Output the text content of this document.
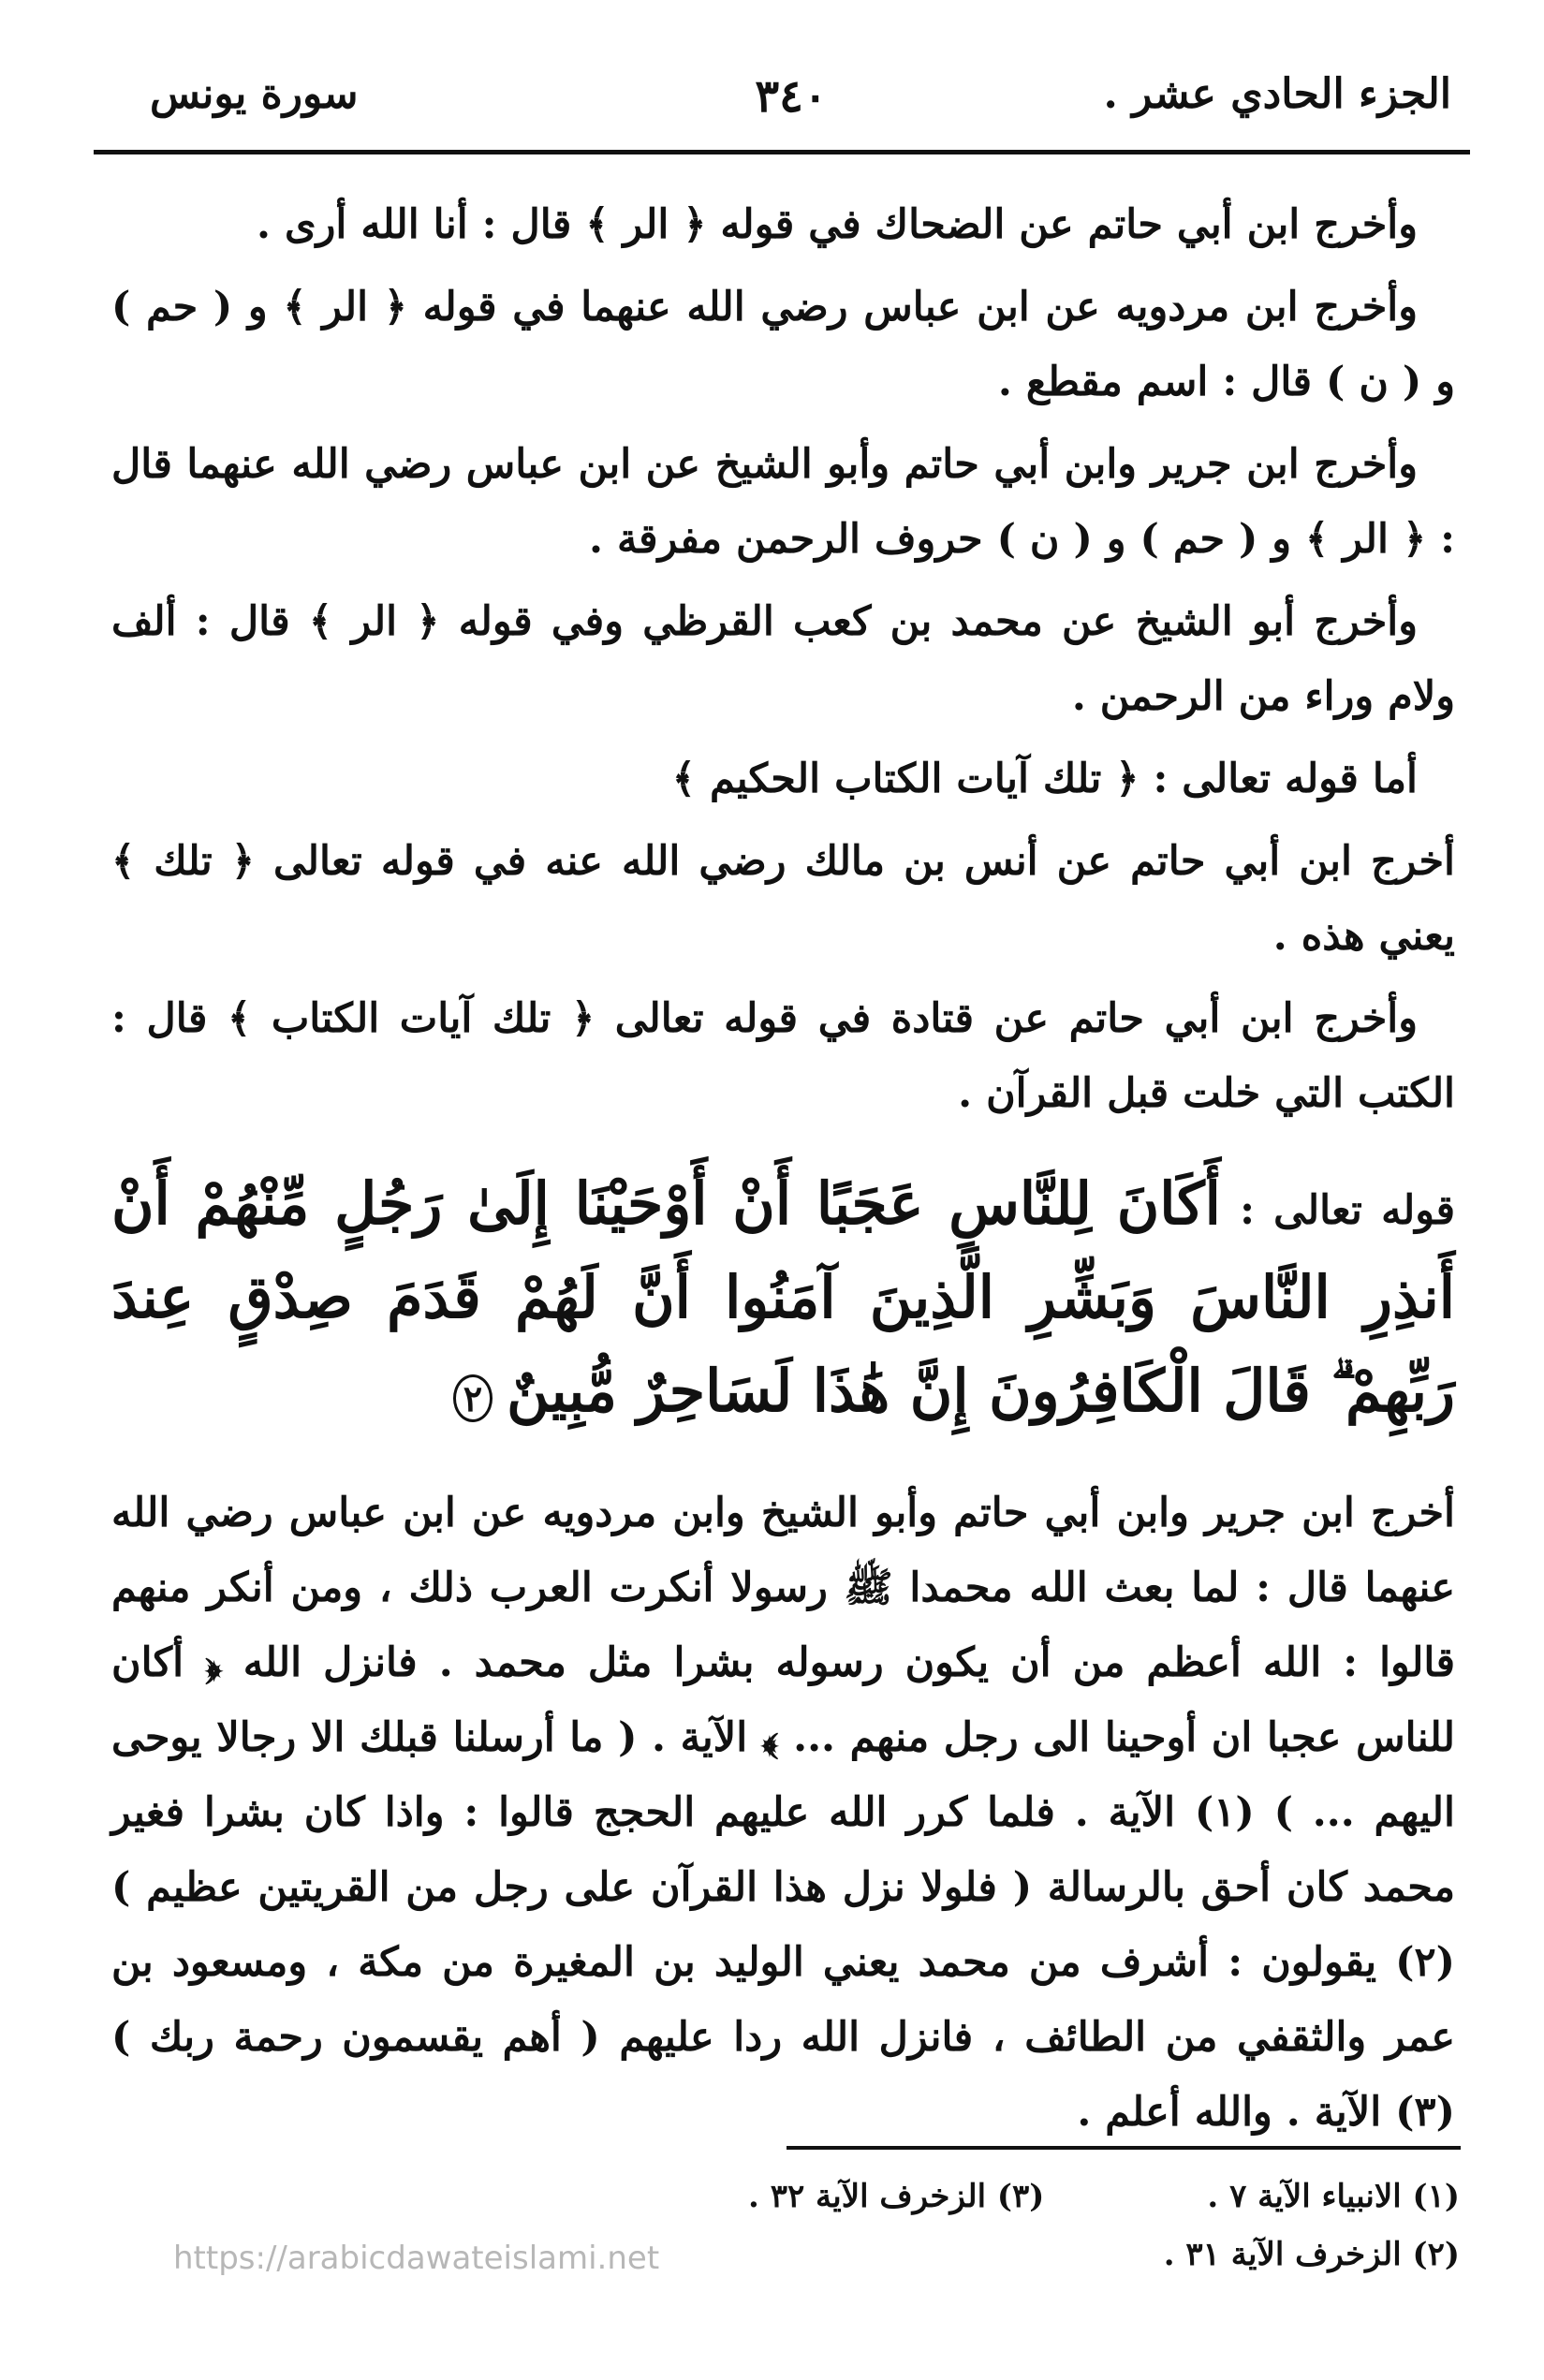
الجزء الحادي عشر .
٣٤٠
سورة يونس

وأخرج ابن أبي حاتم عن الضحاك في قوله ﴿ الر ﴾ قال : أنا الله أرى .

وأخرج ابن مردويه عن ابن عباس رضي الله عنهما في قوله ﴿ الر ﴾ و ( حم ) و ( ن ) قال : اسم مقطع .

وأخرج ابن جرير وابن أبي حاتم وأبو الشيخ عن ابن عباس رضي الله عنهما قال : ﴿ الر ﴾ و ( حم ) و ( ن ) حروف الرحمن مفرقة .

وأخرج أبو الشيخ عن محمد بن كعب القرظي وفي قوله ﴿ الر ﴾ قال : ألف ولام وراء من الرحمن .

أما قوله تعالى : ﴿ تلك آيات الكتاب الحكيم ﴾

أخرج ابن أبي حاتم عن أنس بن مالك رضي الله عنه في قوله تعالى ﴿ تلك ﴾ يعني هذه .

وأخرج ابن أبي حاتم عن قتادة في قوله تعالى ﴿ تلك آيات الكتاب ﴾ قال : الكتب التي خلت قبل القرآن .

قوله تعالى : أَكَانَ لِلنَّاسِ عَجَبًا أَنْ أَوْحَيْنَا إِلَىٰ رَجُلٍ مِّنْهُمْ أَنْ أَنذِرِ النَّاسَ وَبَشِّرِ الَّذِينَ آمَنُوا أَنَّ لَهُمْ قَدَمَ صِدْقٍ عِندَ رَبِّهِمْ ۗ قَالَ الْكَافِرُونَ إِنَّ هَٰذَا لَسَاحِرٌ مُّبِينٌ ٢

أخرج ابن جرير وابن أبي حاتم وأبو الشيخ وابن مردويه عن ابن عباس رضي الله عنهما قال : لما بعث الله محمدا ﷺ رسولا أنكرت العرب ذلك ، ومن أنكر منهم قالوا : الله أعظم من أن يكون رسوله بشرا مثل محمد . فانزل الله ﴿ أكان للناس عجبا ان أوحينا الى رجل منهم ... ﴾ الآية . ( ما أرسلنا قبلك الا رجالا يوحى اليهم ... ) (١) الآية . فلما كرر الله عليهم الحجج قالوا : واذا كان بشرا فغير محمد كان أحق بالرسالة ( فلولا نزل هذا القرآن على رجل من القريتين عظيم ) (٢) يقولون : أشرف من محمد يعني الوليد بن المغيرة من مكة ، ومسعود بن عمر والثقفي من الطائف ، فانزل الله ردا عليهم ( أهم يقسمون رحمة ربك ) (٣) الآية . والله أعلم .

(١) الانبياء الآية ٧ .
(٣) الزخرف الآية ٣٢ .
(٢) الزخرف الآية ٣١ .
https://arabicdawateislami.net
